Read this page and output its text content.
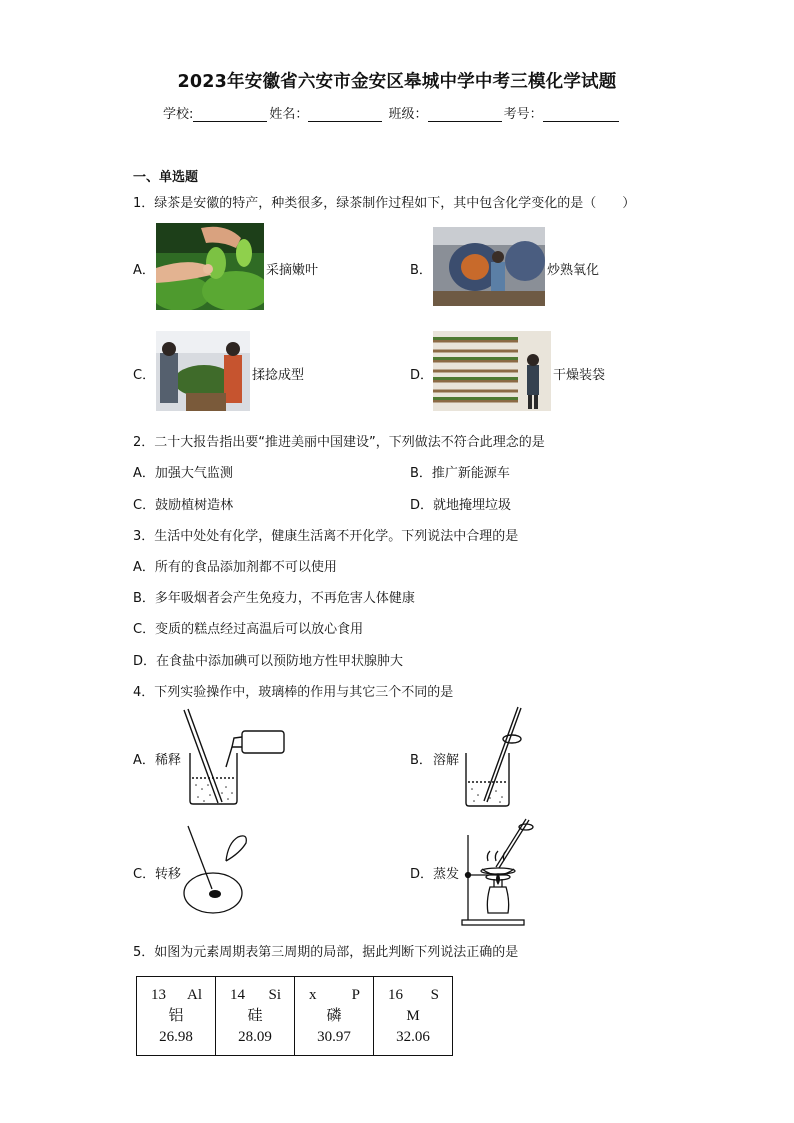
2023年安徽省六安市金安区皋城中学中考三模化学试题
学校:	姓名：	班级：	考号：
一、单选题
1．绿茶是安徽的特产，种类很多，绿茶制作过程如下，其中包含化学变化的是（　　）
A．	采摘嫩叶	B．	炒熟氧化
C．	揉捻成型	D．	干燥装袋
2．二十大报告指出要“推进美丽中国建设”，下列做法不符合此理念的是
A．加强大气监测	B．推广新能源车
C．鼓励植树造林	D．就地掩埋垃圾
3．生活中处处有化学，健康生活离不开化学。下列说法中合理的是
A．所有的食品添加剂都不可以使用
B．多年吸烟者会产生免疫力，不再危害人体健康
C．变质的糕点经过高温后可以放心食用
D．在食盐中添加碘可以预防地方性甲状腺肿大
4．下列实验操作中，玻璃棒的作用与其它三个不同的是
A． 稀释	B． 溶解
C． 转移	D． 蒸发
5．如图为元素周期表第三周期的局部，据此判断下列说法正确的是
13 Al
铝
26.98

14 Si
硅
28.09

x P
磷
30.97

16 S
M
32.06
